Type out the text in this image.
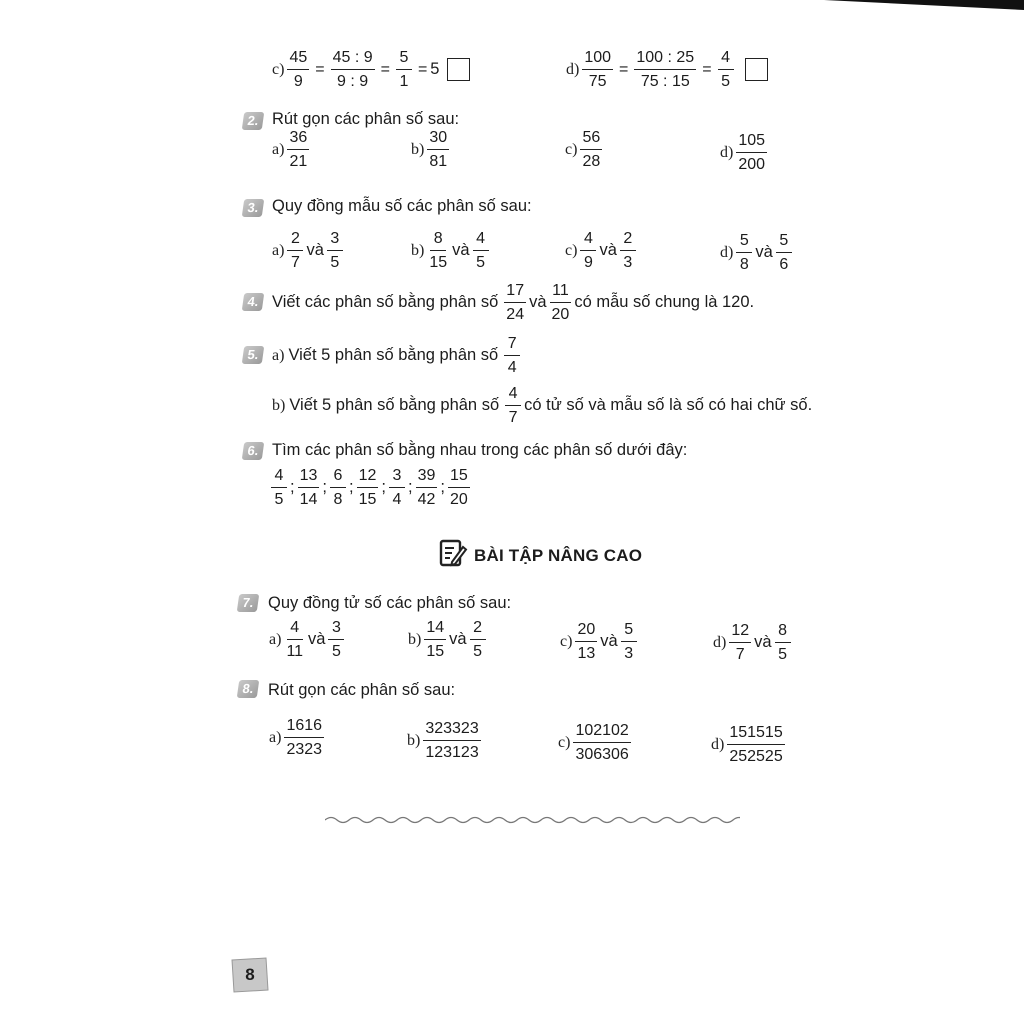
$c) \frac{45}{9} = \frac{45 : 9}{9 : 9} = \frac{5}{1} = 5$	$d) \frac{100}{75} = \frac{100 : 25}{75 : 15} = \frac{4}{5}$
2. Rút gọn các phân số sau:
$a) \frac{36}{21}$	$b) \frac{30}{81}$	$c) \frac{56}{28}$	$d) \frac{105}{200}$
3. Quy đồng mẫu số các phân số sau:
$a) \frac{2}{7}$ và $\frac{3}{5}$	$b) \frac{8}{15}$ và $\frac{4}{5}$	$c) \frac{4}{9}$ và $\frac{2}{3}$	$d) \frac{5}{8}$ và $\frac{5}{6}$
4. Viết các phân số bằng phân số $\frac{17}{24}$ và $\frac{11}{20}$ có mẫu số chung là 120.
5. a) Viết 5 phân số bằng phân số $\frac{7}{4}$
b) Viết 5 phân số bằng phân số $\frac{4}{7}$ có tử số và mẫu số là số có hai chữ số.
6. Tìm các phân số bằng nhau trong các phân số dưới đây:
$\frac{4}{5}$ ; $\frac{13}{14}$ ; $\frac{6}{8}$ ; $\frac{12}{15}$ ; $\frac{3}{4}$ ; $\frac{39}{42}$ ; $\frac{15}{20}$
BÀI TẬP NÂNG CAO
7. Quy đồng tử số các phân số sau:
$a) \frac{4}{11}$ và $\frac{3}{5}$	$b) \frac{14}{15}$ và $\frac{2}{5}$	$c) \frac{20}{13}$ và $\frac{5}{3}$	$d) \frac{12}{7}$ và $\frac{8}{5}$
8. Rút gọn các phân số sau:
$a) \frac{1616}{2323}$	$b) \frac{323323}{123123}$	$c) \frac{102102}{306306}$	$d) \frac{151515}{252525}$
8
